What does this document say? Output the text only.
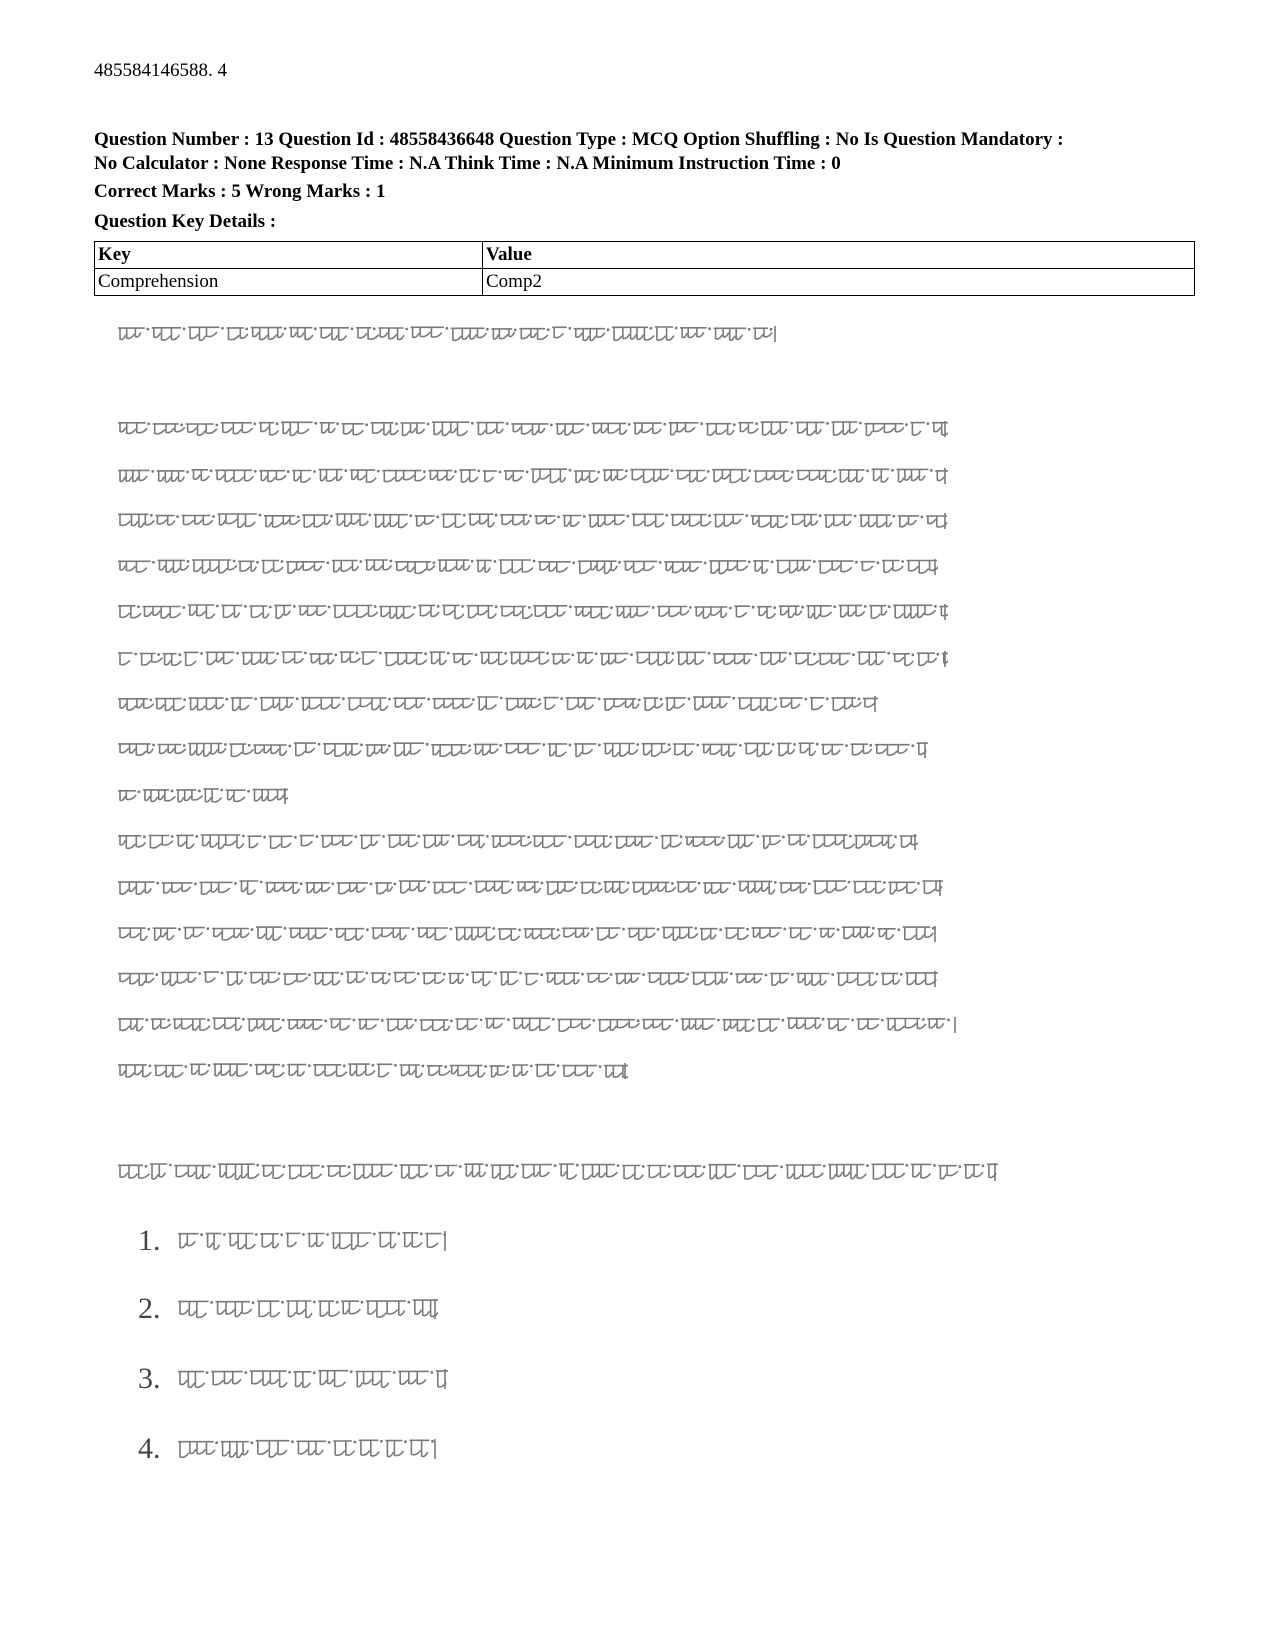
485584146588. 4
Question Number : 13 Question Id : 48558436648 Question Type : MCQ Option Shuffling : No Is Question Mandatory :
No Calculator : None Response Time : N.A Think Time : N.A Minimum Instruction Time : 0
Correct Marks : 5 Wrong Marks : 1
Question Key Details :
Key	Value
Comprehension	Comp2
1.
2.
3.
4.
